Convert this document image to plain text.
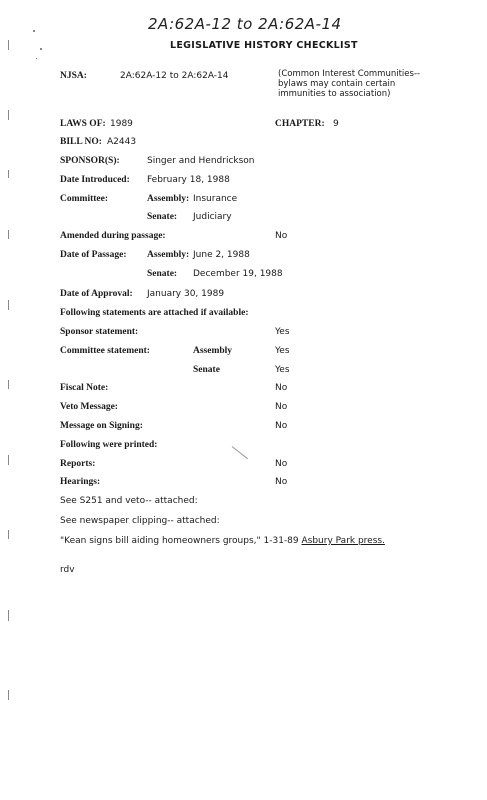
2A:62A-12 to 2A:62A-14
LEGISLATIVE HISTORY CHECKLIST
NJSA:	2A:62A-12 to 2A:62A-14	(Common Interest Communities--
bylaws may contain certain
immunities to association)
LAWS OF: 1989	CHAPTER: 9
BILL NO: A2443
SPONSOR(S):	Singer and Hendrickson
Date Introduced: February 18, 1988
Committee:	Assembly: Insurance
Senate: Judiciary
Amended during passage:	No
Date of Passage: Assembly: June 2, 1988
Senate: December 19, 1988
Date of Approval: January 30, 1989
Following statements are attached if available:
Sponsor statement:	Yes
Committee statement:	Assembly	Yes
Senate	Yes
Fiscal Note:	No
Veto Message:	No
Message on Signing:	No
Following were printed:
Reports:	No
Hearings:	No
See S251 and veto-- attached:
See newspaper clipping-- attached:
"Kean signs bill aiding homeowners groups," 1-31-89 Asbury Park press.
rdv
